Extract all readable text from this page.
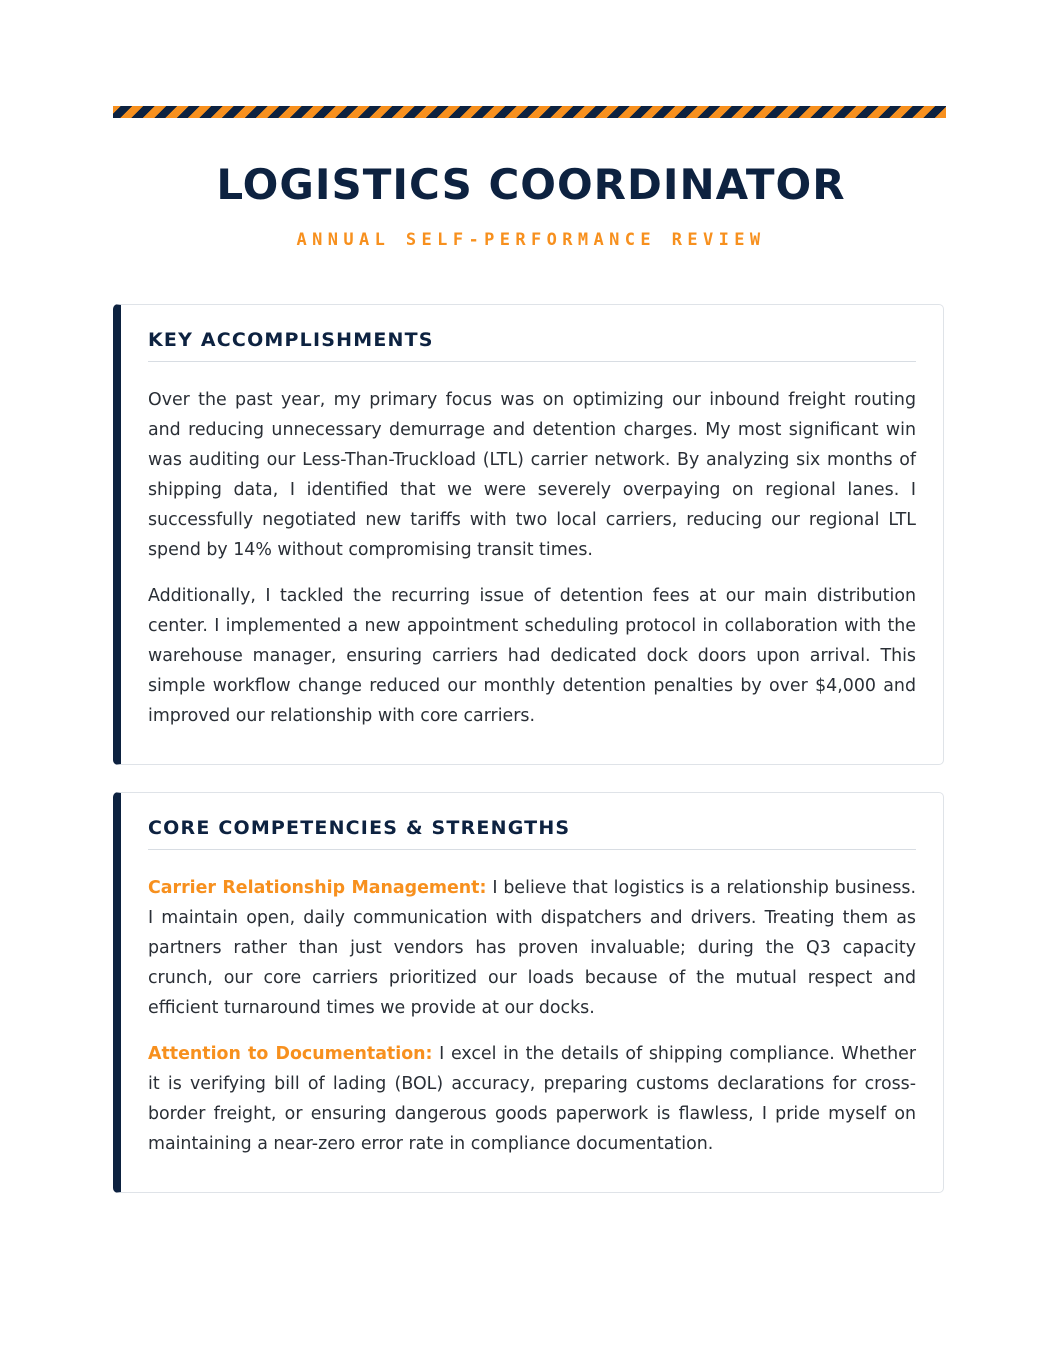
LOGISTICS COORDINATOR
ANNUAL SELF-PERFORMANCE REVIEW
KEY ACCOMPLISHMENTS

Over the past year, my primary focus was on optimizing our inbound freight routing and reducing unnecessary demurrage and detention charges. My most significant win was auditing our Less-Than-Truckload (LTL) carrier network. By analyzing six months of shipping data, I identified that we were severely overpaying on regional lanes. I successfully negotiated new tariffs with two local carriers, reducing our regional LTL spend by 14% without compromising transit times.

Additionally, I tackled the recurring issue of detention fees at our main distribution center. I implemented a new appointment scheduling protocol in collaboration with the warehouse manager, ensuring carriers had dedicated dock doors upon arrival. This simple workflow change reduced our monthly detention penalties by over $4,000 and improved our relationship with core carriers.

CORE COMPETENCIES & STRENGTHS

Carrier Relationship Management: I believe that logistics is a relationship business. I maintain open, daily communication with dispatchers and drivers. Treating them as partners rather than just vendors has proven invaluable; during the Q3 capacity crunch, our core carriers prioritized our loads because of the mutual respect and efficient turnaround times we provide at our docks.

Attention to Documentation: I excel in the details of shipping compliance. Whether it is verifying bill of lading (BOL) accuracy, preparing customs declarations for cross-border freight, or ensuring dangerous goods paperwork is flawless, I pride myself on maintaining a near-zero error rate in compliance documentation.
